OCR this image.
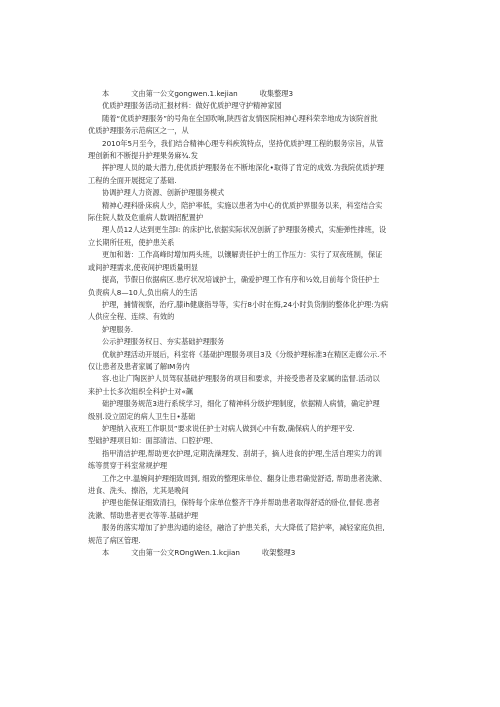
本	文由第一公文gongwen.1.kejian	收集整理3
优质护理服务活动汇报材料：做好优质护理守护精神家园
随着“优质护理服务”的号角在全国吹响,陕西省友情医院相神心理科荣幸地成为该院首批
优质护理服务示范病区之一，从
2010年5月至今，我们结合精神心理专科疾筑特点，坚持优质护理工程的服务宗旨，从管
理创新和不断提升护理果务麻¾.发
挥护理人员的最大潜力,使优质护理服务在不断地深化•取得了肯定的成效.为我院优质护理
工程的全面开展挺定了基础.
协调护理人力资源、创新护理服务模式
精神心理科卧床病人少，陪护率低，实施以患者为中心的优质护界服务以来，科室结合实
际住院人数及危重病人数调招配置护
理人员12人达到更生部I: 的床护比,依据实际状况创新了护理服务模式，实施弹性排班，设
立长期所任班，使护患关系
更加和谐：工作高峰时增加两头班，以镶解责任护士的工作压力：实行了双夜班制，保证
或间护理需求,使夜间护理质量明显
提高，节假日依据病区.患疗状况培诚护士，确爱护理工作有序和½效,目前每个货任护士
负责病人8—10人,负出病人的生活
护理，捕情视察，治疗,膝ih健康指导等，实行8小时在悔,24小时负货制的整体化护理:为病
人供应全程、连续、有效的
妒理服务.
公示护理服务权日、夯实基础护理服务
优航护理活动开展后，科室将《基础护理服务项目3及《分级护理标准3在精区走廊公示.不
仅让患者及患者家属了解IM务内
容.也让广陶医护人员驾驭基础护理服务的项目和要求，并接受患者及家属的监督.活动以
来护士长多次组织全科护士对«飆
础护理服务规范3进行系统学习，细化了精神科分级护理制度，依据精人病情，确定护理
级别.设立固定的病人卫生日•基础
妒理纳入夜班工作职员”要求说任护士对病人做到心中有数,确保病人的护理平安.
型础护理项目如：面部清洁、口腔护理、
指甲清洁护理,帮助更衣护理,定期洗澡理发、刮胡子，摘人进食的护理,生活自理实力的训
练等贯穿于科室常规护理
工作之中.温婉间护理细致周到, 细致的整理床单位、翻身让患君确觉舒适, 帮助患者洗漱、
进食、洗头、擦浴，尤其是晚间
护理也能保证细致清扫，保特每个床单位整齐干净并帮助患者取得舒适的卧位,督促.患者
洗漱、帮助患者更衣等等.基础护理
服务的落实增加了护患沟通的途径，融洽了护患关系，大大降低了陪护率，减轻家庭负担,
规范了病区管理.
本	文由第一公文ROngWen.1.kcjian	收架整理3
